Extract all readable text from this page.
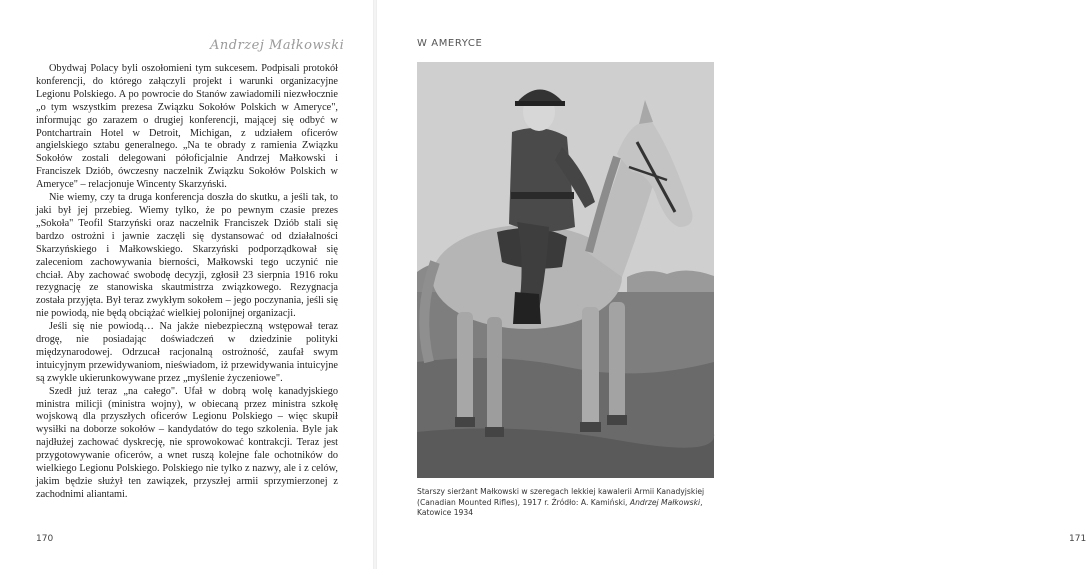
Andrzej Małkowski

Obydwaj Polacy byli oszołomieni tym sukcesem. Podpisali protokół konferencji, do którego załączyli projekt i warunki organizacyjne Legionu Polskiego. A po powrocie do Stanów zawiadomili niezwłocznie „o tym wszystkim prezesa Związku Sokołów Polskich w Ameryce", informując go zarazem o drugiej konferencji, mającej się odbyć w Pontchartrain Hotel w Detroit, Michigan, z udziałem oficerów angielskiego sztabu generalnego. „Na te obrady z ramienia Związku Sokołów zostali delegowani półoficjalnie Andrzej Małkowski i Franciszek Dziób, ówczesny naczelnik Związku Sokołów Polskich w Ameryce" – relacjonuje Wincenty Skarzyński.

Nie wiemy, czy ta druga konferencja doszła do skutku, a jeśli tak, to jaki był jej przebieg. Wiemy tylko, że po pewnym czasie prezes „Sokoła" Teofil Starzyński oraz naczelnik Franciszek Dziób stali się bardzo ostrożni i jawnie zaczęli się dystansować od działalności Skarzyńskiego i Małkowskiego. Skarzyński podporządkował się zaleceniom zachowywania bierności, Małkowski tego uczynić nie chciał. Aby zachować swobodę decyzji, zgłosił 23 sierpnia 1916 roku rezygnację ze stanowiska skautmistrza związkowego. Rezygnacja została przyjęta. Był teraz zwykłym sokołem – jego poczynania, jeśli się nie powiodą, nie będą obciążać wielkiej polonijnej organizacji.

Jeśli się nie powiodą… Na jakże niebezpieczną wstępował teraz drogę, nie posiadając doświadczeń w dziedzinie polityki międzynarodowej. Odrzucał racjonalną ostrożność, zaufał swym intuicyjnym przewidywaniom, nieświadom, iż przewidywania intuicyjne są zwykle ukierunkowywane przez „myślenie życzeniowe".

Szedł już teraz „na całego". Ufał w dobrą wolę kanadyjskiego ministra milicji (ministra wojny), w obiecaną przez ministra szkołę wojskową dla przyszłych oficerów Legionu Polskiego – więc skupił wysiłki na doborze sokołów – kandydatów do tego szkolenia. Byle jak najdłużej zachować dyskrecję, nie sprowokować kontrakcji. Teraz jest przygotowywanie oficerów, a wnet ruszą kolejne fale ochotników do wielkiego Legionu Polskiego. Polskiego nie tylko z nazwy, ale i z celów, jakim będzie służył ten zawiązek, przyszłej armii sprzymierzonej z zachodnimi aliantami.

170
W AMERYCE
Starszy sierżant Małkowski w szeregach lekkiej kawalerii Armii Kanadyjskiej (Canadian Mounted Rifles), 1917 r. Źródło: A. Kamiński, Andrzej Małkowski, Katowice 1934
171
